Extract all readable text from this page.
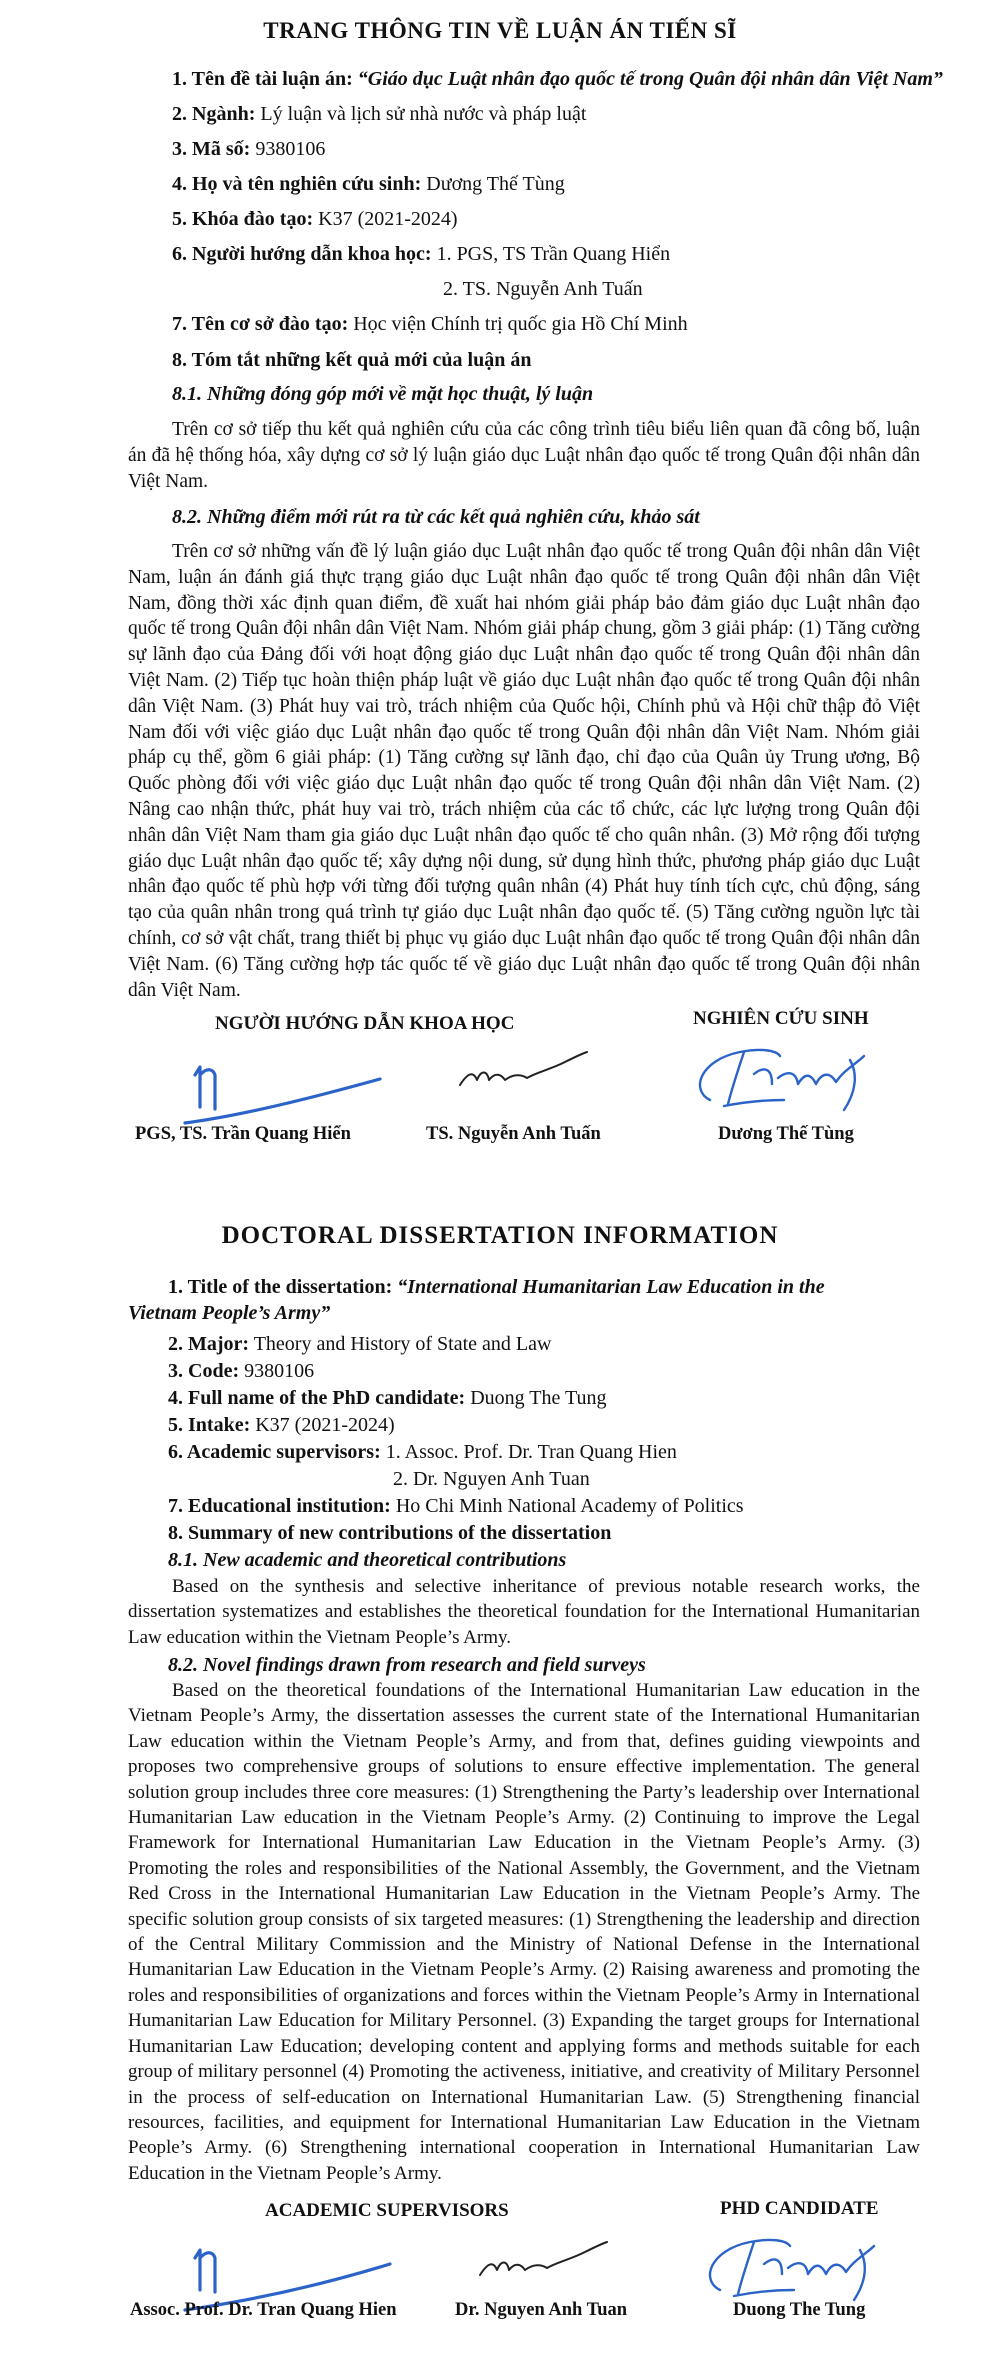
TRANG THÔNG TIN VỀ LUẬN ÁN TIẾN SĨ
1. Tên đề tài luận án: “Giáo dục Luật nhân đạo quốc tế trong Quân đội nhân dân Việt Nam”
2. Ngành: Lý luận và lịch sử nhà nước và pháp luật
3. Mã số: 9380106
4. Họ và tên nghiên cứu sinh: Dương Thế Tùng
5. Khóa đào tạo: K37 (2021-2024)
6. Người hướng dẫn khoa học: 1. PGS, TS Trần Quang Hiển
2. TS. Nguyễn Anh Tuấn
7. Tên cơ sở đào tạo: Học viện Chính trị quốc gia Hồ Chí Minh
8. Tóm tắt những kết quả mới của luận án
8.1. Những đóng góp mới về mặt học thuật, lý luận

Trên cơ sở tiếp thu kết quả nghiên cứu của các công trình tiêu biểu liên quan đã công bố, luận án đã hệ thống hóa, xây dựng cơ sở lý luận giáo dục Luật nhân đạo quốc tế trong Quân đội nhân dân Việt Nam.

8.2. Những điểm mới rút ra từ các kết quả nghiên cứu, khảo sát

Trên cơ sở những vấn đề lý luận giáo dục Luật nhân đạo quốc tế trong Quân đội nhân dân Việt Nam, luận án đánh giá thực trạng giáo dục Luật nhân đạo quốc tế trong Quân đội nhân dân Việt Nam, đồng thời xác định quan điểm, đề xuất hai nhóm giải pháp bảo đảm giáo dục Luật nhân đạo quốc tế trong Quân đội nhân dân Việt Nam. Nhóm giải pháp chung, gồm 3 giải pháp: (1) Tăng cường sự lãnh đạo của Đảng đối với hoạt động giáo dục Luật nhân đạo quốc tế trong Quân đội nhân dân Việt Nam. (2) Tiếp tục hoàn thiện pháp luật về giáo dục Luật nhân đạo quốc tế trong Quân đội nhân dân Việt Nam. (3) Phát huy vai trò, trách nhiệm của Quốc hội, Chính phủ và Hội chữ thập đỏ Việt Nam đối với việc giáo dục Luật nhân đạo quốc tế trong Quân đội nhân dân Việt Nam. Nhóm giải pháp cụ thể, gồm 6 giải pháp: (1) Tăng cường sự lãnh đạo, chỉ đạo của Quân ủy Trung ương, Bộ Quốc phòng đối với việc giáo dục Luật nhân đạo quốc tế trong Quân đội nhân dân Việt Nam. (2) Nâng cao nhận thức, phát huy vai trò, trách nhiệm của các tổ chức, các lực lượng trong Quân đội nhân dân Việt Nam tham gia giáo dục Luật nhân đạo quốc tế cho quân nhân. (3) Mở rộng đối tượng giáo dục Luật nhân đạo quốc tế; xây dựng nội dung, sử dụng hình thức, phương pháp giáo dục Luật nhân đạo quốc tế phù hợp với từng đối tượng quân nhân (4) Phát huy tính tích cực, chủ động, sáng tạo của quân nhân trong quá trình tự giáo dục Luật nhân đạo quốc tế. (5) Tăng cường nguồn lực tài chính, cơ sở vật chất, trang thiết bị phục vụ giáo dục Luật nhân đạo quốc tế trong Quân đội nhân dân Việt Nam. (6) Tăng cường hợp tác quốc tế về giáo dục Luật nhân đạo quốc tế trong Quân đội nhân dân Việt Nam.

NGƯỜI HƯỚNG DẪN KHOA HỌC	NGHIÊN CỨU SINH
PGS, TS. Trần Quang Hiển	TS. Nguyễn Anh Tuấn	Dương Thế Tùng
DOCTORAL DISSERTATION INFORMATION
1. Title of the dissertation: “International Humanitarian Law Education in the
Vietnam People’s Army”
2. Major: Theory and History of State and Law
3. Code: 9380106
4. Full name of the PhD candidate: Duong The Tung
5. Intake: K37 (2021-2024)
6. Academic supervisors: 1. Assoc. Prof. Dr. Tran Quang Hien
2. Dr. Nguyen Anh Tuan
7. Educational institution: Ho Chi Minh National Academy of Politics
8. Summary of new contributions of the dissertation
8.1. New academic and theoretical contributions

Based on the synthesis and selective inheritance of previous notable research works, the dissertation systematizes and establishes the theoretical foundation for the International Humanitarian Law education within the Vietnam People’s Army.

8.2. Novel findings drawn from research and field surveys

Based on the theoretical foundations of the International Humanitarian Law education in the Vietnam People’s Army, the dissertation assesses the current state of the International Humanitarian Law education within the Vietnam People’s Army, and from that, defines guiding viewpoints and proposes two comprehensive groups of solutions to ensure effective implementation. The general solution group includes three core measures: (1) Strengthening the Party’s leadership over International Humanitarian Law education in the Vietnam People’s Army. (2) Continuing to improve the Legal Framework for International Humanitarian Law Education in the Vietnam People’s Army. (3) Promoting the roles and responsibilities of the National Assembly, the Government, and the Vietnam Red Cross in the International Humanitarian Law Education in the Vietnam People’s Army. The specific solution group consists of six targeted measures: (1) Strengthening the leadership and direction of the Central Military Commission and the Ministry of National Defense in the International Humanitarian Law Education in the Vietnam People’s Army. (2) Raising awareness and promoting the roles and responsibilities of organizations and forces within the Vietnam People’s Army in International Humanitarian Law Education for Military Personnel. (3) Expanding the target groups for International Humanitarian Law Education; developing content and applying forms and methods suitable for each group of military personnel (4) Promoting the activeness, initiative, and creativity of Military Personnel in the process of self-education on International Humanitarian Law. (5) Strengthening financial resources, facilities, and equipment for International Humanitarian Law Education in the Vietnam People’s Army. (6) Strengthening international cooperation in International Humanitarian Law Education in the Vietnam People’s Army.

ACADEMIC SUPERVISORS	PHD CANDIDATE
Assoc. Prof. Dr. Tran Quang Hien	Dr. Nguyen Anh Tuan	Duong The Tung
